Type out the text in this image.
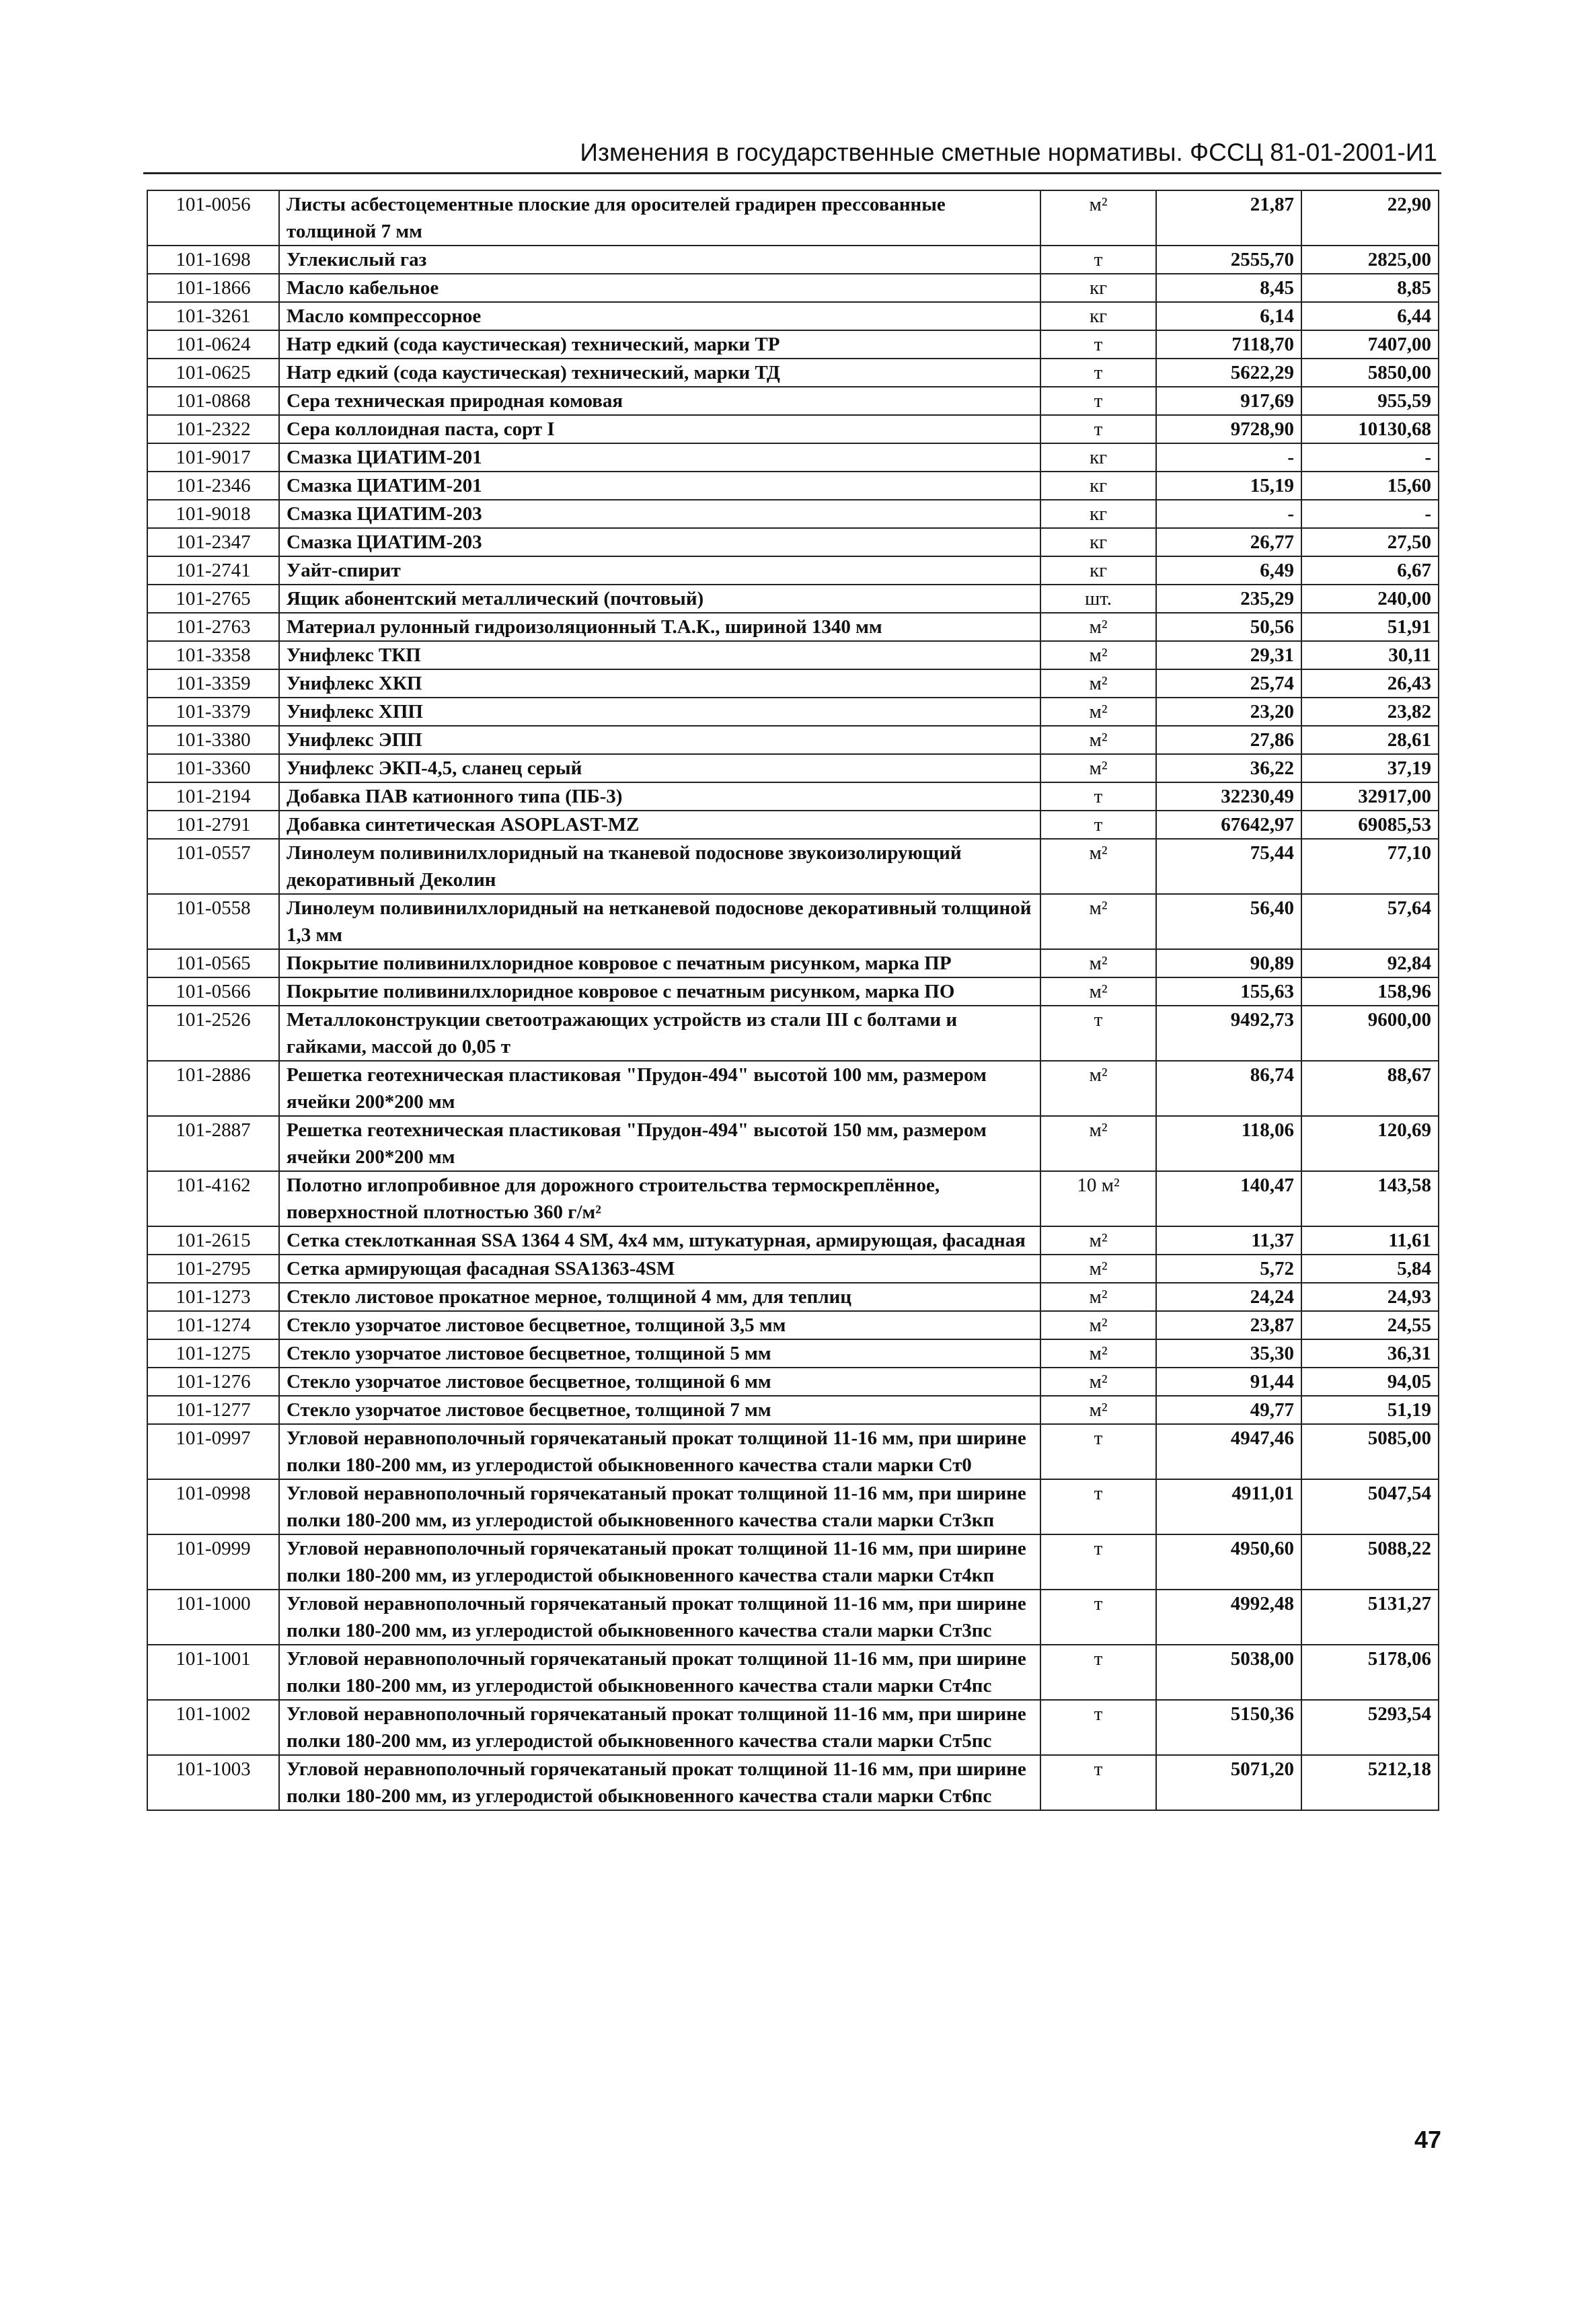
Изменения в государственные сметные нормативы. ФССЦ 81-01-2001-И1
101-0056	Листы асбестоцементные плоские для оросителей градирен прессованные толщиной 7 мм	м²	21,87	22,90
101-1698	Углекислый газ	т	2555,70	2825,00
101-1866	Масло кабельное	кг	8,45	8,85
101-3261	Масло компрессорное	кг	6,14	6,44
101-0624	Натр едкий (сода каустическая) технический, марки ТР	т	7118,70	7407,00
101-0625	Натр едкий (сода каустическая) технический, марки ТД	т	5622,29	5850,00
101-0868	Сера техническая природная комовая	т	917,69	955,59
101-2322	Сера коллоидная паста, сорт I	т	9728,90	10130,68
101-9017	Смазка ЦИАТИМ-201	кг	-	-
101-2346	Смазка ЦИАТИМ-201	кг	15,19	15,60
101-9018	Смазка ЦИАТИМ-203	кг	-	-
101-2347	Смазка ЦИАТИМ-203	кг	26,77	27,50
101-2741	Уайт-спирит	кг	6,49	6,67
101-2765	Ящик абонентский металлический (почтовый)	шт.	235,29	240,00
101-2763	Материал рулонный гидроизоляционный Т.А.К., шириной 1340 мм	м²	50,56	51,91
101-3358	Унифлекс ТКП	м²	29,31	30,11
101-3359	Унифлекс ХКП	м²	25,74	26,43
101-3379	Унифлекс ХПП	м²	23,20	23,82
101-3380	Унифлекс ЭПП	м²	27,86	28,61
101-3360	Унифлекс ЭКП-4,5, сланец серый	м²	36,22	37,19
101-2194	Добавка ПАВ катионного типа (ПБ-3)	т	32230,49	32917,00
101-2791	Добавка синтетическая ASOPLAST-MZ	т	67642,97	69085,53
101-0557	Линолеум поливинилхлоридный на тканевой подоснове звукоизолирующий декоративный Деколин	м²	75,44	77,10
101-0558	Линолеум поливинилхлоридный на нетканевой подоснове декоративный толщиной 1,3 мм	м²	56,40	57,64
101-0565	Покрытие поливинилхлоридное ковровое с печатным рисунком, марка ПР	м²	90,89	92,84
101-0566	Покрытие поливинилхлоридное ковровое с печатным рисунком, марка ПО	м²	155,63	158,96
101-2526	Металлоконструкции светоотражающих устройств из стали III с болтами и гайками, массой до 0,05 т	т	9492,73	9600,00
101-2886	Решетка геотехническая пластиковая "Прудон-494" высотой 100 мм, размером ячейки 200*200 мм	м²	86,74	88,67
101-2887	Решетка геотехническая пластиковая "Прудон-494" высотой 150 мм, размером ячейки 200*200 мм	м²	118,06	120,69
101-4162	Полотно иглопробивное для дорожного строительства термоскреплённое, поверхностной плотностью 360 г/м²	10 м²	140,47	143,58
101-2615	Сетка стеклотканная SSA 1364 4 SM, 4x4 мм, штукатурная, армирующая, фасадная	м²	11,37	11,61
101-2795	Сетка армирующая фасадная SSA1363-4SM	м²	5,72	5,84
101-1273	Стекло листовое прокатное мерное, толщиной 4 мм, для теплиц	м²	24,24	24,93
101-1274	Стекло узорчатое листовое бесцветное, толщиной 3,5 мм	м²	23,87	24,55
101-1275	Стекло узорчатое листовое бесцветное, толщиной 5 мм	м²	35,30	36,31
101-1276	Стекло узорчатое листовое бесцветное, толщиной 6 мм	м²	91,44	94,05
101-1277	Стекло узорчатое листовое бесцветное, толщиной 7 мм	м²	49,77	51,19
101-0997	Угловой неравнополочный горячекатаный прокат толщиной 11-16 мм, при ширине полки 180-200 мм, из углеродистой обыкновенного качества стали марки Ст0	т	4947,46	5085,00
101-0998	Угловой неравнополочный горячекатаный прокат толщиной 11-16 мм, при ширине полки 180-200 мм, из углеродистой обыкновенного качества стали марки Ст3кп	т	4911,01	5047,54
101-0999	Угловой неравнополочный горячекатаный прокат толщиной 11-16 мм, при ширине полки 180-200 мм, из углеродистой обыкновенного качества стали марки Ст4кп	т	4950,60	5088,22
101-1000	Угловой неравнополочный горячекатаный прокат толщиной 11-16 мм, при ширине полки 180-200 мм, из углеродистой обыкновенного качества стали марки Ст3пс	т	4992,48	5131,27
101-1001	Угловой неравнополочный горячекатаный прокат толщиной 11-16 мм, при ширине полки 180-200 мм, из углеродистой обыкновенного качества стали марки Ст4пс	т	5038,00	5178,06
101-1002	Угловой неравнополочный горячекатаный прокат толщиной 11-16 мм, при ширине полки 180-200 мм, из углеродистой обыкновенного качества стали марки Ст5пс	т	5150,36	5293,54
101-1003	Угловой неравнополочный горячекатаный прокат толщиной 11-16 мм, при ширине полки 180-200 мм, из углеродистой обыкновенного качества стали марки Ст6пс	т	5071,20	5212,18
47
